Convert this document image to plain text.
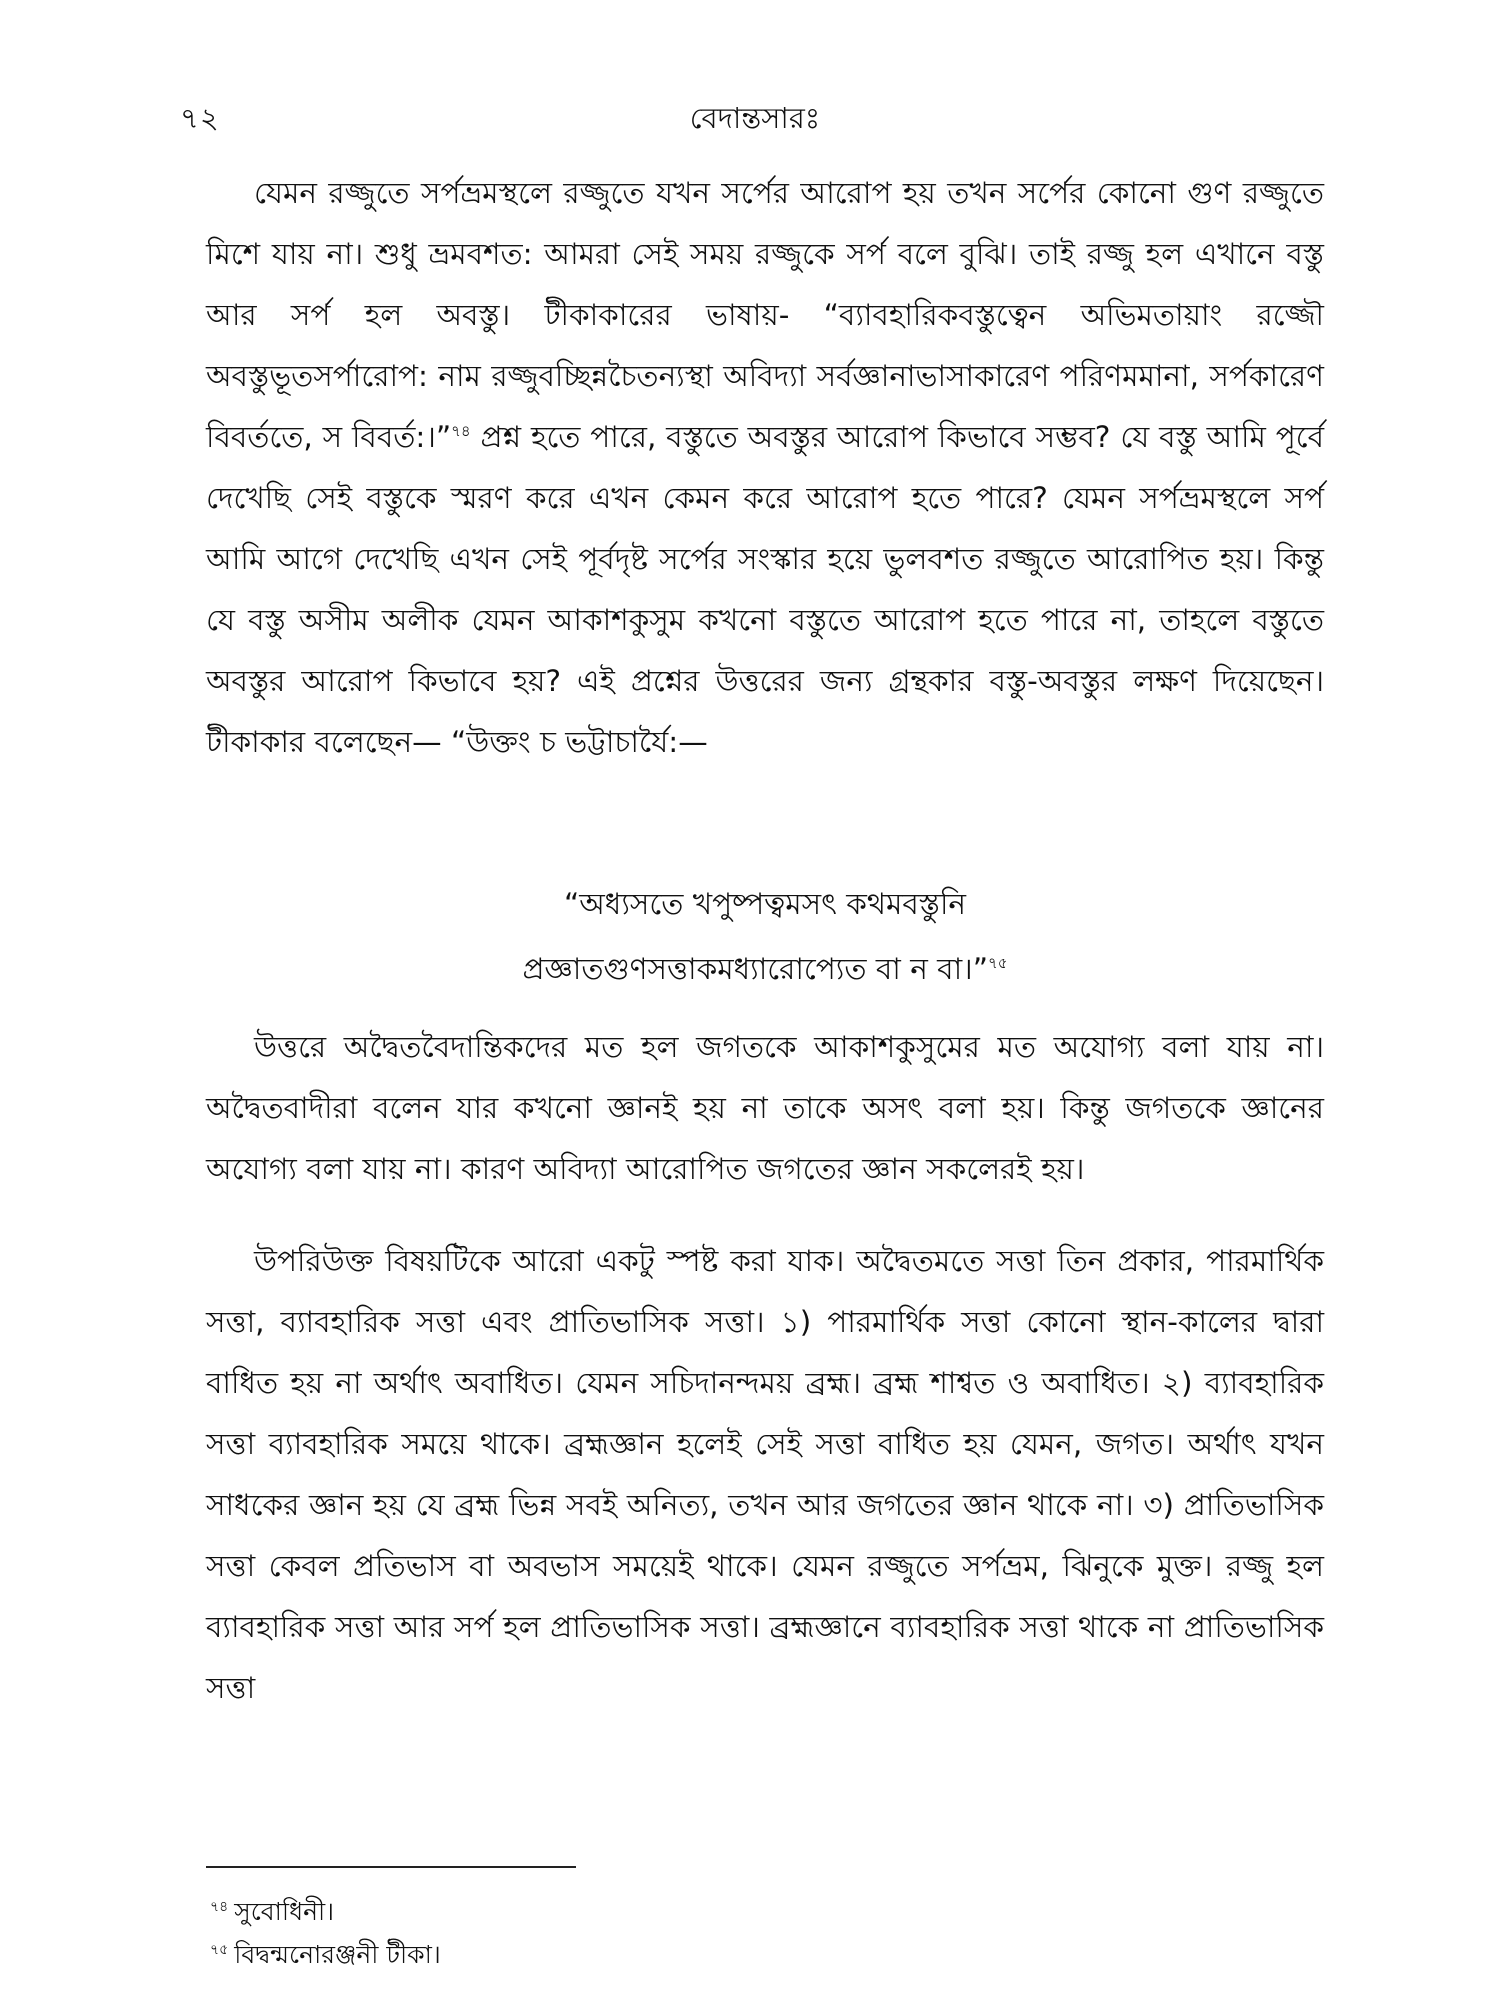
৭২	বেদান্তসারঃ

যেমন রজ্জুতে সর্পভ্রমস্থলে রজ্জুতে যখন সর্পের আরোপ হয় তখন সর্পের কোনো গুণ রজ্জুতে মিশে যায় না। শুধু ভ্রমবশত: আমরা সেই সময় রজ্জুকে সর্প বলে বুঝি। তাই রজ্জু হল এখানে বস্তু আর সর্প হল অবস্তু। টীকাকারের ভাষায়- “ব্যাবহারিকবস্তুত্বেন অভিমতায়াং রজ্জৌ অবস্তুভূতসর্পারোপ: নাম রজ্জুবচ্ছিন্নচৈতন্যস্থা অবিদ্যা সর্বজ্ঞানাভাসাকারেণ পরিণমমানা, সর্পকারেণ বিবর্ততে, স বিবর্ত:।”$^{৭৪}$ প্রশ্ন হতে পারে, বস্তুতে অবস্তুর আরোপ কিভাবে সম্ভব? যে বস্তু আমি পূর্বে দেখেছি সেই বস্তুকে স্মরণ করে এখন কেমন করে আরোপ হতে পারে? যেমন সর্পভ্রমস্থলে সর্প আমি আগে দেখেছি এখন সেই পূর্বদৃষ্ট সর্পের সংস্কার হয়ে ভুলবশত রজ্জুতে আরোপিত হয়। কিন্তু যে বস্তু অসীম অলীক যেমন আকাশকুসুম কখনো বস্তুতে আরোপ হতে পারে না, তাহলে বস্তুতে অবস্তুর আরোপ কিভাবে হয়? এই প্রশ্নের উত্তরের জন্য গ্রন্থকার বস্তু-অবস্তুর লক্ষণ দিয়েছেন। টীকাকার বলেছেন— “উক্তং চ ভট্টাচার্যৈ:—

“অধ্যসতে খপুষ্পত্বমসৎ কথমবস্তুনি
প্রজ্ঞাতগুণসত্তাকমধ্যারোপ্যেত বা ন বা।”$^{৭৫}$

উত্তরে অদ্বৈতবৈদান্তিকদের মত হল জগতকে আকাশকুসুমের মত অযোগ্য বলা যায় না। অদ্বৈতবাদীরা বলেন যার কখনো জ্ঞানই হয় না তাকে অসৎ বলা হয়। কিন্তু জগতকে জ্ঞানের অযোগ্য বলা যায় না। কারণ অবিদ্যা আরোপিত জগতের জ্ঞান সকলেরই হয়।

উপরিউক্ত বিষয়টিকে আরো একটু স্পষ্ট করা যাক। অদ্বৈতমতে সত্তা তিন প্রকার, পারমার্থিক সত্তা, ব্যাবহারিক সত্তা এবং প্রাতিভাসিক সত্তা। ১) পারমার্থিক সত্তা কোনো স্থান-কালের দ্বারা বাধিত হয় না অর্থাৎ অবাধিত। যেমন সচিদানন্দময় ব্রহ্ম। ব্রহ্ম শাশ্বত ও অবাধিত। ২) ব্যাবহারিক সত্তা ব্যাবহারিক সময়ে থাকে। ব্রহ্মজ্ঞান হলেই সেই সত্তা বাধিত হয় যেমন, জগত। অর্থাৎ যখন সাধকের জ্ঞান হয় যে ব্রহ্ম ভিন্ন সবই অনিত্য, তখন আর জগতের জ্ঞান থাকে না। ৩) প্রাতিভাসিক সত্তা কেবল প্রতিভাস বা অবভাস সময়েই থাকে। যেমন রজ্জুতে সর্পভ্রম, ঝিনুকে মুক্ত। রজ্জু হল ব্যাবহারিক সত্তা আর সর্প হল প্রাতিভাসিক সত্তা। ব্রহ্মজ্ঞানে ব্যাবহারিক সত্তা থাকে না প্রাতিভাসিক সত্তা

$^{৭৪}$ সুবোধিনী।
$^{৭৫}$ বিদ্বন্মনোরঞ্জনী টীকা।
